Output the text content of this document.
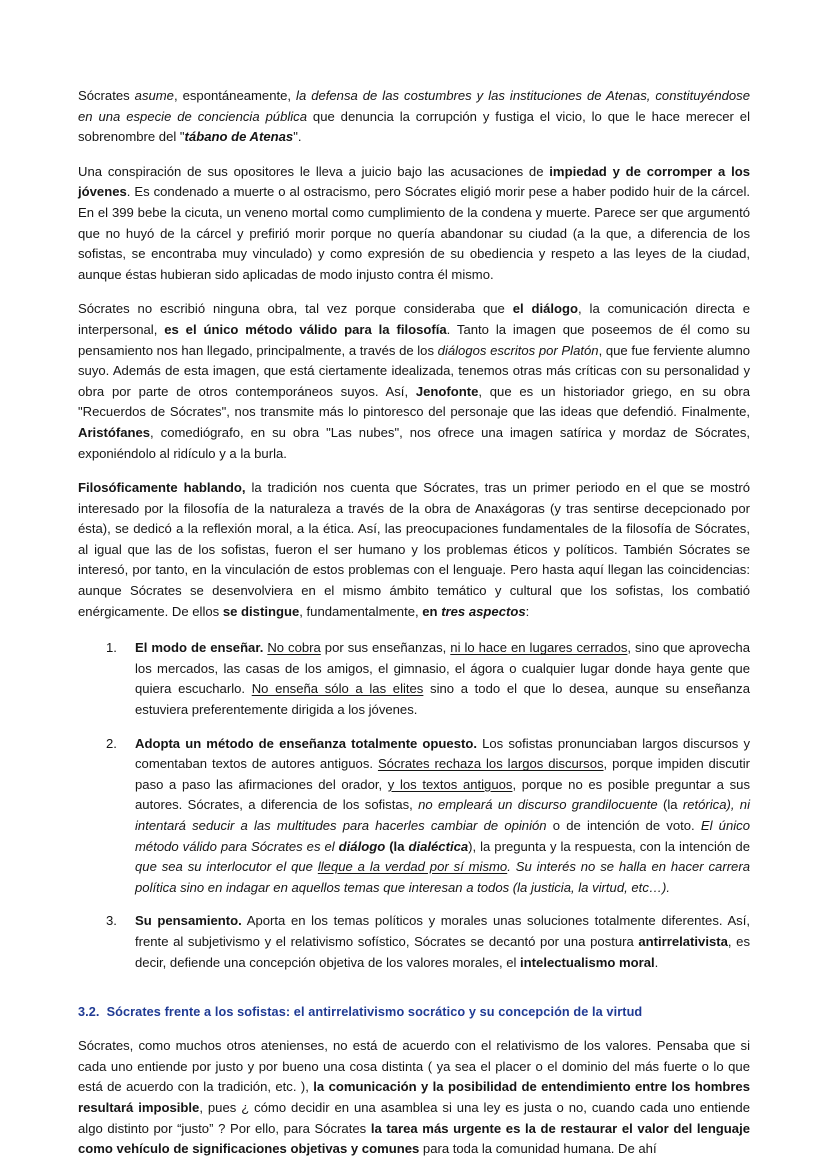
Sócrates asume, espontáneamente, la defensa de las costumbres y las instituciones de Atenas, constituyéndose en una especie de conciencia pública que denuncia la corrupción y fustiga el vicio, lo que le hace merecer el sobrenombre del "tábano de Atenas".

Una conspiración de sus opositores le lleva a juicio bajo las acusaciones de impiedad y de corromper a los jóvenes. Es condenado a muerte o al ostracismo, pero Sócrates eligió morir pese a haber podido huir de la cárcel. En el 399 bebe la cicuta, un veneno mortal como cumplimiento de la condena y muerte. Parece ser que argumentó que no huyó de la cárcel y prefirió morir porque no quería abandonar su ciudad (a la que, a diferencia de los sofistas, se encontraba muy vinculado) y como expresión de su obediencia y respeto a las leyes de la ciudad, aunque éstas hubieran sido aplicadas de modo injusto contra él mismo.

Sócrates no escribió ninguna obra, tal vez porque consideraba que el diálogo, la comunicación directa e interpersonal, es el único método válido para la filosofía. Tanto la imagen que poseemos de él como su pensamiento nos han llegado, principalmente, a través de los diálogos escritos por Platón, que fue ferviente alumno suyo. Además de esta imagen, que está ciertamente idealizada, tenemos otras más críticas con su personalidad y obra por parte de otros contemporáneos suyos. Así, Jenofonte, que es un historiador griego, en su obra "Recuerdos de Sócrates", nos transmite más lo pintoresco del personaje que las ideas que defendió. Finalmente, Aristófanes, comediógrafo, en su obra "Las nubes", nos ofrece una imagen satírica y mordaz de Sócrates, exponiéndolo al ridículo y a la burla.

Filosóficamente hablando, la tradición nos cuenta que Sócrates, tras un primer periodo en el que se mostró interesado por la filosofía de la naturaleza a través de la obra de Anaxágoras (y tras sentirse decepcionado por ésta), se dedicó a la reflexión moral, a la ética. Así, las preocupaciones fundamentales de la filosofía de Sócrates, al igual que las de los sofistas, fueron el ser humano y los problemas éticos y políticos. También Sócrates se interesó, por tanto, en la vinculación de estos problemas con el lenguaje. Pero hasta aquí llegan las coincidencias: aunque Sócrates se desenvolviera en el mismo ámbito temático y cultural que los sofistas, los combatió enérgicamente. De ellos se distingue, fundamentalmente, en tres aspectos:

1.	El modo de enseñar. No cobra por sus enseñanzas, ni lo hace en lugares cerrados, sino que aprovecha los mercados, las casas de los amigos, el gimnasio, el ágora o cualquier lugar donde haya gente que quiera escucharlo. No enseña sólo a las elites sino a todo el que lo desea, aunque su enseñanza estuviera preferentemente dirigida a los jóvenes.
2.	Adopta un método de enseñanza totalmente opuesto. Los sofistas pronunciaban largos discursos y comentaban textos de autores antiguos. Sócrates rechaza los largos discursos, porque impiden discutir paso a paso las afirmaciones del orador, y los textos antiguos, porque no es posible preguntar a sus autores. Sócrates, a diferencia de los sofistas, no empleará un discurso grandilocuente (la retórica), ni intentará seducir a las multitudes para hacerles cambiar de opinión o de intención de voto. El único método válido para Sócrates es el diálogo (la dialéctica), la pregunta y la respuesta, con la intención de que sea su interlocutor el que lleque a la verdad por sí mismo. Su interés no se halla en hacer carrera política sino en indagar en aquellos temas que interesan a todos (la justicia, la virtud, etc…).
3.	Su pensamiento. Aporta en los temas políticos y morales unas soluciones totalmente diferentes. Así, frente al subjetivismo y el relativismo sofístico, Sócrates se decantó por una postura antirrelativista, es decir, defiende una concepción objetiva de los valores morales, el intelectualismo moral.
3.2. Sócrates frente a los sofistas: el antirrelativismo socrático y su concepción de la virtud

Sócrates, como muchos otros atenienses, no está de acuerdo con el relativismo de los valores. Pensaba que si cada uno entiende por justo y por bueno una cosa distinta ( ya sea el placer o el dominio del más fuerte o lo que está de acuerdo con la tradición, etc. ), la comunicación y la posibilidad de entendimiento entre los hombres resultará imposible, pues ¿ cómo decidir en una asamblea si una ley es justa o no, cuando cada uno entiende algo distinto por “justo” ? Por ello, para Sócrates la tarea más urgente es la de restaurar el valor del lenguaje como vehículo de significaciones objetivas y comunes para toda la comunidad humana. De ahí
